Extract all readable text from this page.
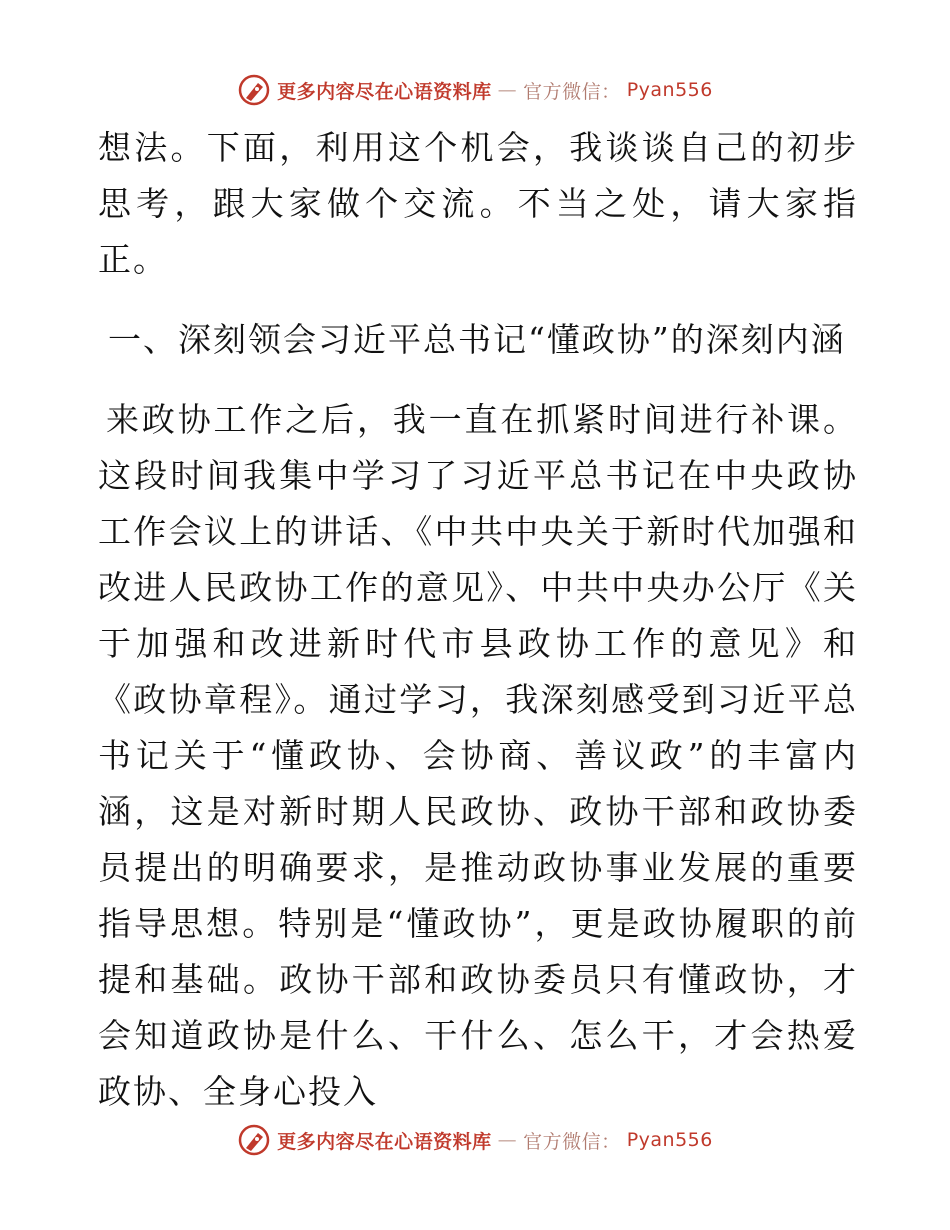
更多内容尽在心语资料库 — 官方微信： Pyan556

想法。下面，利用这个机会，我谈谈自己的初步思考，跟大家做个交流。不当之处，请大家指正。

一、深刻领会习近平总书记“懂政协”的深刻内涵

来政协工作之后，我一直在抓紧时间进行补课。这段时间我集中学习了习近平总书记在中央政协工作会议上的讲话、《中共中央关于新时代加强和改进人民政协工作的意见》、中共中央办公厅《关于加强和改进新时代市县政协工作的意见》和《政协章程》。通过学习，我深刻感受到习近平总书记关于“懂政协、会协商、善议政”的丰富内涵，这是对新时期人民政协、政协干部和政协委员提出的明确要求，是推动政协事业发展的重要指导思想。特别是“懂政协”，更是政协履职的前提和基础。政协干部和政协委员只有懂政协，才会知道政协是什么、干什么、怎么干，才会热爱政协、全身心投入

更多内容尽在心语资料库 — 官方微信： Pyan556
